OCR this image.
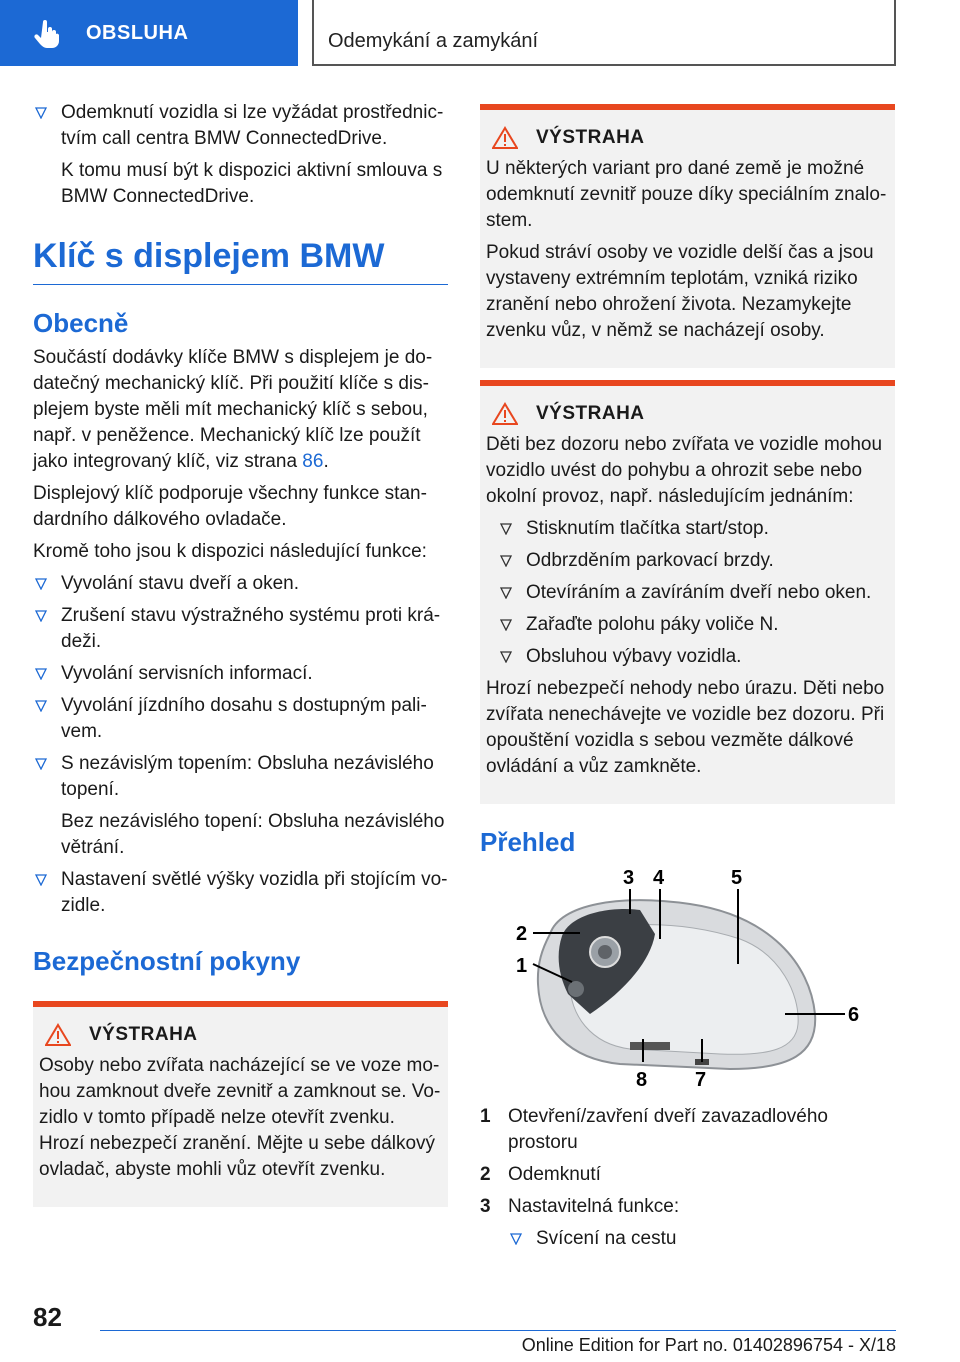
OBSLUHA	Odemykání a zamykání
Odemknutí vozidla si lze vyžádat prostřednictvím call centra BMW ConnectedDrive.
K tomu musí být k dispozici aktivní smlouva s BMW ConnectedDrive.
Klíč s displejem BMW
Obecně

Součástí dodávky klíče BMW s displejem je dodatečný mechanický klíč. Při použití klíče s displejem byste měli mít mechanický klíč s sebou, např. v peněžence. Mechanický klíč lze použít jako integrovaný klíč, viz strana 86.

Displejový klíč podporuje všechny funkce standardního dálkového ovladače.

Kromě toho jsou k dispozici následující funkce:

Vyvolání stavu dveří a oken.
Zrušení stavu výstražného systému proti krádeži.
Vyvolání servisních informací.
Vyvolání jízdního dosahu s dostupným palivem.
S nezávislým topením: Obsluha nezávislého topení.
Bez nezávislého topení: Obsluha nezávislého větrání.
Nastavení světlé výšky vozidla při stojícím vozidle.
Bezpečnostní pokyny
VÝSTRAHA

Osoby nebo zvířata nacházející se ve voze mohou zamknout dveře zevnitř a zamknout se. Vozidlo v tomto případě nelze otevřít zvenku. Hrozí nebezpečí zranění. Mějte u sebe dálkový ovladač, abyste mohli vůz otevřít zvenku.

VÝSTRAHA

U některých variant pro dané země je možné odemknutí zevnitř pouze díky speciálním znalostem.

Pokud stráví osoby ve vozidle delší čas a jsou vystaveny extrémním teplotám, vzniká riziko zranění nebo ohrožení života. Nezamykejte zvenku vůz, v němž se nacházejí osoby.

VÝSTRAHA

Děti bez dozoru nebo zvířata ve vozidle mohou vozidlo uvést do pohybu a ohrozit sebe nebo okolní provoz, např. následujícím jednáním:

Stisknutím tlačítka start/stop.
Odbrzděním parkovací brzdy.
Otevíráním a zavíráním dveří nebo oken.
Zařaďte polohu páky voliče N.
Obsluhou výbavy vozidla.

Hrozí nebezpečí nehody nebo úrazu. Děti nebo zvířata nenechávejte ve vozidle bez dozoru. Při opouštění vozidla s sebou vezměte dálkové ovládání a vůz zamkněte.

Přehled
2
1
3 4	5
6
7
8
1 Otevření/zavření dveří zavazadlového prostoru
2 Odemknutí
3 Nastavitelná funkce:
Svícení na cestu
82
Online Edition for Part no. 01402896754 - X/18
